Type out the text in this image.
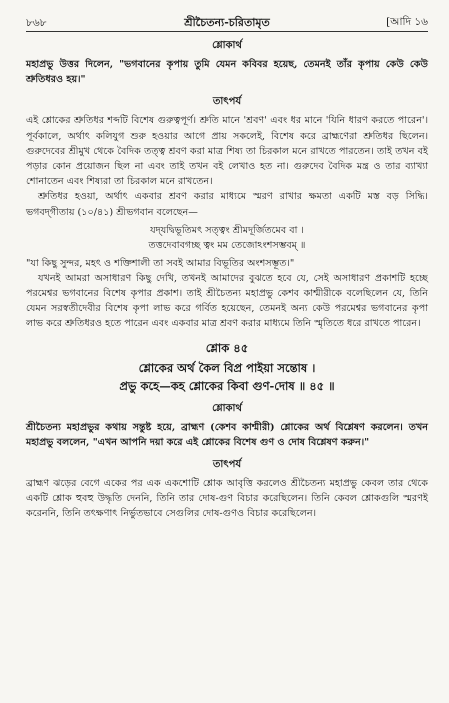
৮৬৮	শ্রীচৈতন্য-চরিতামৃত	[আদি ১৬

শ্লোকার্থ

মহাপ্রভু উত্তর দিলেন, "ভগবানের কৃপায় তুমি যেমন কবিবর হয়েছ, তেমনই তাঁর কৃপায় কেউ কেউ শ্রুতিধরও হয়।"

তাৎপর্য

এই শ্লোকের শ্রুতিধর শব্দটি বিশেষ গুরুত্বপূর্ণ। শ্রুতি মানে 'শ্রবণ' এবং ধর মানে 'যিনি ধারণ করতে পারেন'। পূর্বকালে, অর্থাৎ কলিযুগ শুরু হওয়ার আগে প্রায় সকলেই, বিশেষ করে ব্রাহ্মণেরা শ্রুতিধর ছিলেন। গুরুদেবের শ্রীমুখ থেকে বৈদিক তত্ত্ব শ্রবণ করা মাত্র শিষ্য তা চিরকাল মনে রাখতে পারতেন। তাই তখন বই পড়ার কোন প্রয়োজন ছিল না এবং তাই তখন বই লেখাও হত না। গুরুদেব বৈদিক মন্ত্র ও তার ব্যাখ্যা শোনাতেন এবং শিষ্যরা তা চিরকাল মনে রাখতেন।

শ্রুতিধর হওয়া, অর্থাৎ একবার শ্রবণ করার মাধ্যমে স্মরণ রাখার ক্ষমতা একটি মস্ত বড় সিদ্ধি। ভগবদ্‌গীতায় (১০/৪১) শ্রীভগবান বলেছেন—

যদ্‌যদ্বিভূতিমৎ সত্ত্বং শ্রীমদূর্জিতমেব বা ।

তত্তদেবাবগচ্ছ ত্বং মম তেজোঽংশসম্ভবম্‌ ॥

"যা কিছু সুন্দর, মহৎ ও শক্তিশালী তা সবই আমার বিভূতির অংশসম্ভূত।"

যখনই আমরা অসাধারণ কিছু দেখি, তখনই আমাদের বুঝতে হবে যে, সেই অসাধারণ প্রকাশটি হচ্ছে পরমেশ্বর ভগবানের বিশেষ কৃপার প্রকাশ। তাই শ্রীচৈতন্য মহাপ্রভু কেশব কাশ্মীরীকে বলেছিলেন যে, তিনি যেমন সরস্বতীদেবীর বিশেষ কৃপা লাভ করে গর্বিত হয়েছেন, তেমনই অন্য কেউ পরমেশ্বর ভগবানের কৃপা লাভ করে শ্রুতিধরও হতে পারেন এবং একবার মাত্র শ্রবণ করার মাধ্যমে তিনি স্মৃতিতে ধরে রাখতে পারেন।

শ্লোক ৪৫

শ্লোকের অর্থ কৈল বিপ্র পাইয়া সন্তোষ ।

প্রভু কহে—কহ শ্লোকের কিবা গুণ-দোষ ॥ ৪৫ ॥

শ্লোকার্থ

শ্রীচৈতন্য মহাপ্রভুর কথায় সন্তুষ্ট হয়ে, ব্রাহ্মণ (কেশব কাশ্মীরী) শ্লোকের অর্থ বিশ্লেষণ করলেন। তখন মহাপ্রভু বললেন, "এখন আপনি দয়া করে এই শ্লোকের বিশেষ গুণ ও দোষ বিশ্লেষণ করুন।"

তাৎপর্য

ব্রাহ্মণ ঝড়ের বেগে একের পর এক একশোটি শ্লোক আবৃত্তি করলেও শ্রীচৈতন্য মহাপ্রভু কেবল তার থেকে একটি শ্লোক হুবহু উদ্ধৃতি দেননি, তিনি তার দোষ-গুণ বিচার করেছিলেন। তিনি কেবল শ্লোকগুলি স্মরণই করেননি, তিনি তৎক্ষণাৎ নির্ভুতভাবে সেগুলির দোষ-গুণও বিচার করেছিলেন।
